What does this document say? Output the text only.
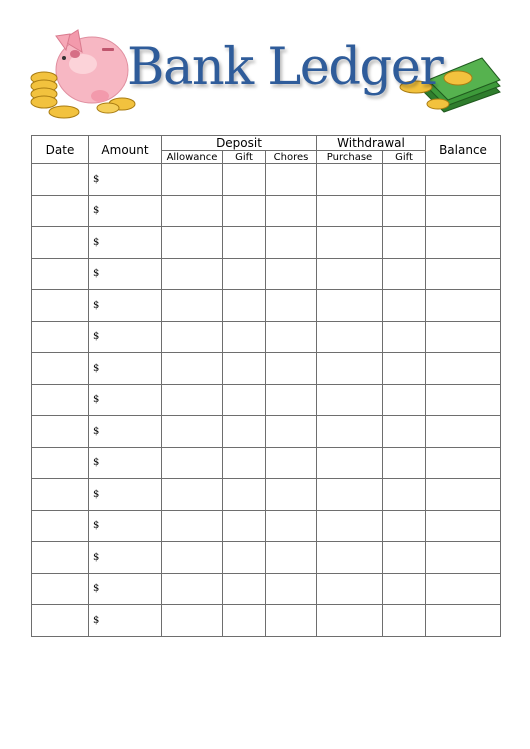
Bank Ledger
Date	Amount	Deposit			Withdrawal		Balance
		Allowance	Gift	Chores	Purchase	Gift	
	$						
	$						
	$						
	$						
	$						
	$						
	$						
	$						
	$						
	$						
	$						
	$						
	$						
	$						
	$						
